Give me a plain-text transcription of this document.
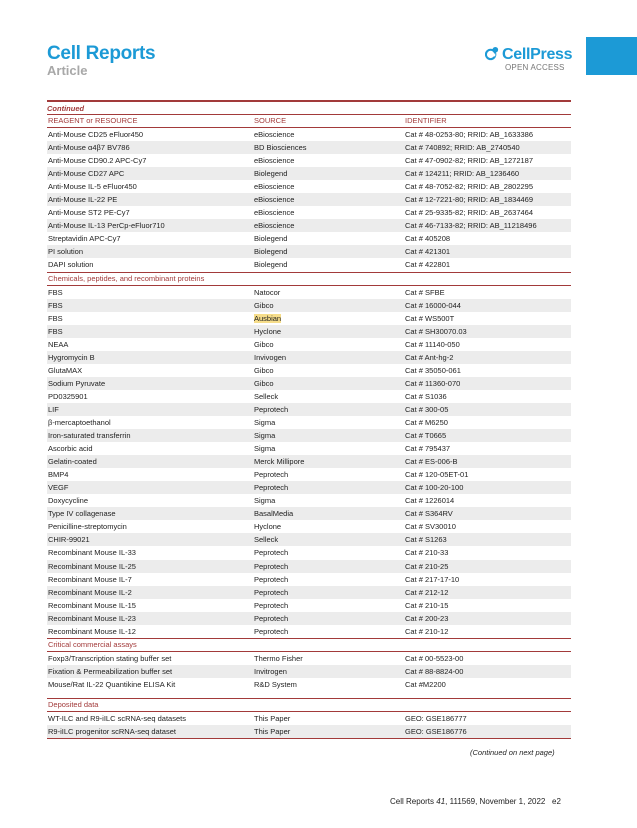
Cell Reports
Article
CellPress
OPEN ACCESS
Continued
REAGENT or RESOURCE	SOURCE	IDENTIFIER
Anti-Mouse CD25 eFluor450	eBioscience	Cat # 48-0253-80; RRID: AB_1633386
Anti-Mouse α4β7 BV786	BD Biosciences	Cat # 740892; RRID: AB_2740540
Anti-Mouse CD90.2 APC-Cy7	eBioscience	Cat # 47-0902-82; RRID: AB_1272187
Anti-Mouse CD27 APC	Biolegend	Cat # 124211; RRID: AB_1236460
Anti-Mouse IL-5 eFluor450	eBioscience	Cat # 48-7052-82; RRID: AB_2802295
Anti-Mouse IL-22 PE	eBioscience	Cat # 12-7221-80; RRID: AB_1834469
Anti-Mouse ST2 PE-Cy7	eBioscience	Cat # 25-9335-82; RRID: AB_2637464
Anti-Mouse IL-13 PerCp-eFluor710	eBioscience	Cat # 46-7133-82; RRID: AB_11218496
Streptavidin APC-Cy7	Biolegend	Cat # 405208
PI solution	Biolegend	Cat # 421301
DAPI solution	Biolegend	Cat # 422801
Chemicals, peptides, and recombinant proteins
FBS	Natocor	Cat # SFBE
FBS	Gibco	Cat # 16000-044
FBS	Ausbian	Cat # WS500T
FBS	Hyclone	Cat # SH30070.03
NEAA	Gibco	Cat # 11140-050
Hygromycin B	Invivogen	Cat # Ant-hg-2
GlutaMAX	Gibco	Cat # 35050-061
Sodium Pyruvate	Gibco	Cat # 11360-070
PD0325901	Selleck	Cat # S1036
LIF	Peprotech	Cat # 300-05
β-mercaptoethanol	Sigma	Cat # M6250
Iron-saturated transferrin	Sigma	Cat # T0665
Ascorbic acid	Sigma	Cat # 795437
Gelatin-coated	Merck Millipore	Cat # ES-006-B
BMP4	Peprotech	Cat # 120-05ET-01
VEGF	Peprotech	Cat # 100-20-100
Doxycycline	Sigma	Cat # 1226014
Type IV collagenase	BasalMedia	Cat # S364RV
Penicilline-streptomycin	Hyclone	Cat # SV30010
CHIR-99021	Selleck	Cat # S1263
Recombinant Mouse IL-33	Peprotech	Cat # 210-33
Recombinant Mouse IL-25	Peprotech	Cat # 210-25
Recombinant Mouse IL-7	Peprotech	Cat # 217-17-10
Recombinant Mouse IL-2	Peprotech	Cat # 212-12
Recombinant Mouse IL-15	Peprotech	Cat # 210-15
Recombinant Mouse IL-23	Peprotech	Cat # 200-23
Recombinant Mouse IL-12	Peprotech	Cat # 210-12
Critical commercial assays
Foxp3/Transcription stating buffer set	Thermo Fisher	Cat # 00-5523-00
Fixation & Permeabilization buffer set	Invitrogen	Cat # 88-8824-00
Mouse/Rat IL-22 Quantikine ELISA Kit	R&D System	Cat #M2200
Deposited data
WT-ILC and R9-iILC scRNA-seq datasets	This Paper	GEO: GSE186777
R9-iILC progenitor scRNA-seq dataset	This Paper	GEO: GSE186776
(Continued on next page)
Cell Reports 41, 111569, November 1, 2022 e2
